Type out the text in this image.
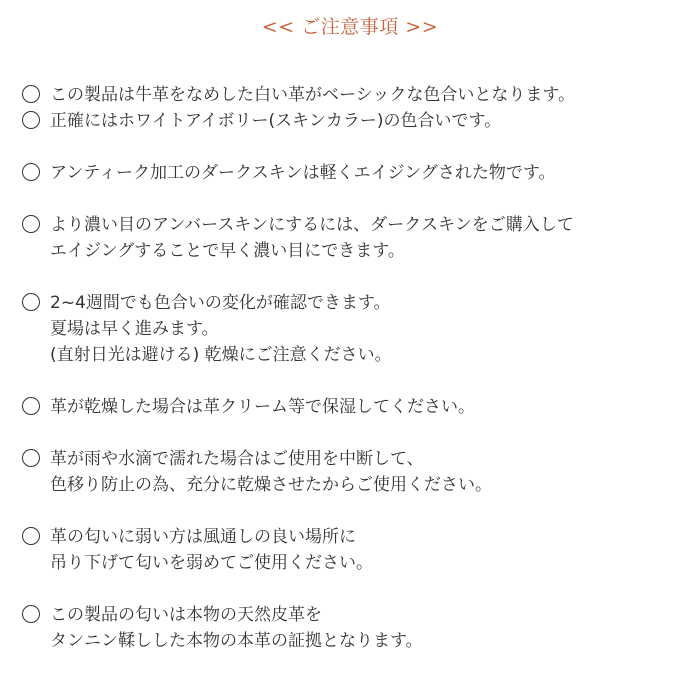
<< ご注意事項 >>
この製品は牛革をなめした白い革がベーシックな色合いとなります。
正確にはホワイトアイボリー(スキンカラー)の色合いです。
アンティーク加工のダークスキンは軽くエイジングされた物です。
より濃い目のアンバースキンにするには、ダークスキンをご購入して
エイジングすることで早く濃い目にできます。
2~4週間でも色合いの変化が確認できます。
夏場は早く進みます。
(直射日光は避ける) 乾燥にご注意ください。
革が乾燥した場合は革クリーム等で保湿してください。
革が雨や水滴で濡れた場合はご使用を中断して、
色移り防止の為、充分に乾燥させたからご使用ください。
革の匂いに弱い方は風通しの良い場所に
吊り下げて匂いを弱めてご使用ください。
この製品の匂いは本物の天然皮革を
タンニン鞣しした本物の本革の証拠となります。
